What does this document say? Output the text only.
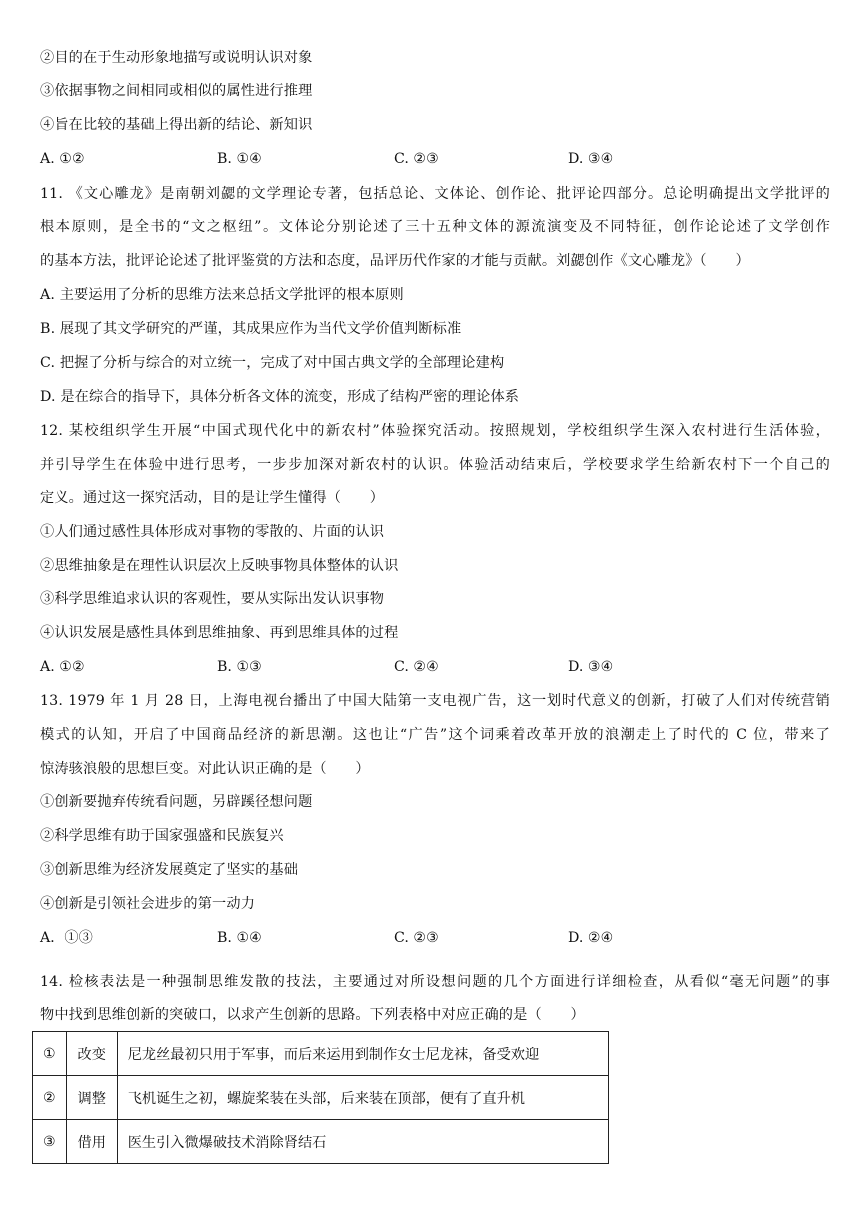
②目的在于生动形象地描写或说明认识对象
③依据事物之间相同或相似的属性进行推理
④旨在比较的基础上得出新的结论、新知识
A. ①②	B. ①④	C. ②③	D. ③④
11. 《文心雕龙》是南朝刘勰的文学理论专著，包括总论、文体论、创作论、批评论四部分。总论明确提出文学批评的
根本原则，是全书的“文之枢纽”。文体论分别论述了三十五种文体的源流演变及不同特征，创作论论述了文学创作
的基本方法，批评论论述了批评鉴赏的方法和态度，品评历代作家的才能与贡献。刘勰创作《文心雕龙》（　　）
A. 主要运用了分析的思维方法来总括文学批评的根本原则
B. 展现了其文学研究的严谨，其成果应作为当代文学价值判断标准
C. 把握了分析与综合的对立统一，完成了对中国古典文学的全部理论建构
D. 是在综合的指导下，具体分析各文体的流变，形成了结构严密的理论体系
12. 某校组织学生开展“中国式现代化中的新农村”体验探究活动。按照规划，学校组织学生深入农村进行生活体验，
并引导学生在体验中进行思考，一步步加深对新农村的认识。体验活动结束后，学校要求学生给新农村下一个自己的
定义。通过这一探究活动，目的是让学生懂得（　　）
①人们通过感性具体形成对事物的零散的、片面的认识
②思维抽象是在理性认识层次上反映事物具体整体的认识
③科学思维追求认识的客观性，要从实际出发认识事物
④认识发展是感性具体到思维抽象、再到思维具体的过程
A. ①②	B. ①③	C. ②④	D. ③④
13. 1979 年 1 月 28 日，上海电视台播出了中国大陆第一支电视广告，这一划时代意义的创新，打破了人们对传统营销
模式的认知，开启了中国商品经济的新思潮。这也让“广告”这个词乘着改革开放的浪潮走上了时代的 C 位，带来了
惊涛骇浪般的思想巨变。对此认识正确的是（　　）
①创新要抛弃传统看问题，另辟蹊径想问题
②科学思维有助于国家强盛和民族复兴
③创新思维为经济发展奠定了坚实的基础
④创新是引领社会进步的第一动力
A．①③	B. ①④	C. ②③	D. ②④
14. 检核表法是一种强制思维发散的技法，主要通过对所设想问题的几个方面进行详细检查，从看似“毫无问题”的事
物中找到思维创新的突破口，以求产生创新的思路。下列表格中对应正确的是（　　）
①	改变	尼龙丝最初只用于军事，而后来运用到制作女士尼龙袜，备受欢迎
②	调整	飞机诞生之初，螺旋桨装在头部，后来装在顶部，便有了直升机
③	借用	医生引入微爆破技术消除肾结石
